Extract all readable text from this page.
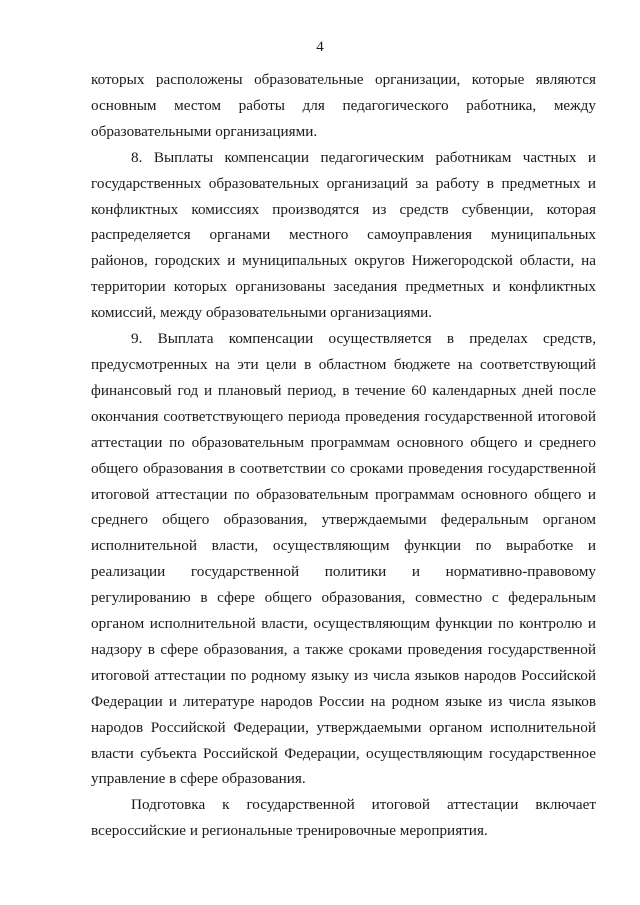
4

которых расположены образовательные организации, которые являются основным местом работы для педагогического работника, между образовательными организациями.

8. Выплаты компенсации педагогическим работникам частных и государственных образовательных организаций за работу в предметных и конфликтных комиссиях производятся из средств субвенции, которая распределяется органами местного самоуправления муниципальных районов, городских и муниципальных округов Нижегородской области, на территории которых организованы заседания предметных и конфликтных комиссий, между образовательными организациями.

9. Выплата компенсации осуществляется в пределах средств, предусмотренных на эти цели в областном бюджете на соответствующий финансовый год и плановый период, в течение 60 календарных дней после окончания соответствующего периода проведения государственной итоговой аттестации по образовательным программам основного общего и среднего общего образования в соответствии со сроками проведения государственной итоговой аттестации по образовательным программам основного общего и среднего общего образования, утверждаемыми федеральным органом исполнительной власти, осуществляющим функции по выработке и реализации государственной политики и нормативно-правовому регулированию в сфере общего образования, совместно с федеральным органом исполнительной власти, осуществляющим функции по контролю и надзору в сфере образования, а также сроками проведения государственной итоговой аттестации по родному языку из числа языков народов Российской Федерации и литературе народов России на родном языке из числа языков народов Российской Федерации, утверждаемыми органом исполнительной власти субъекта Российской Федерации, осуществляющим государственное управление в сфере образования.

Подготовка к государственной итоговой аттестации включает всероссийские и региональные тренировочные мероприятия.
